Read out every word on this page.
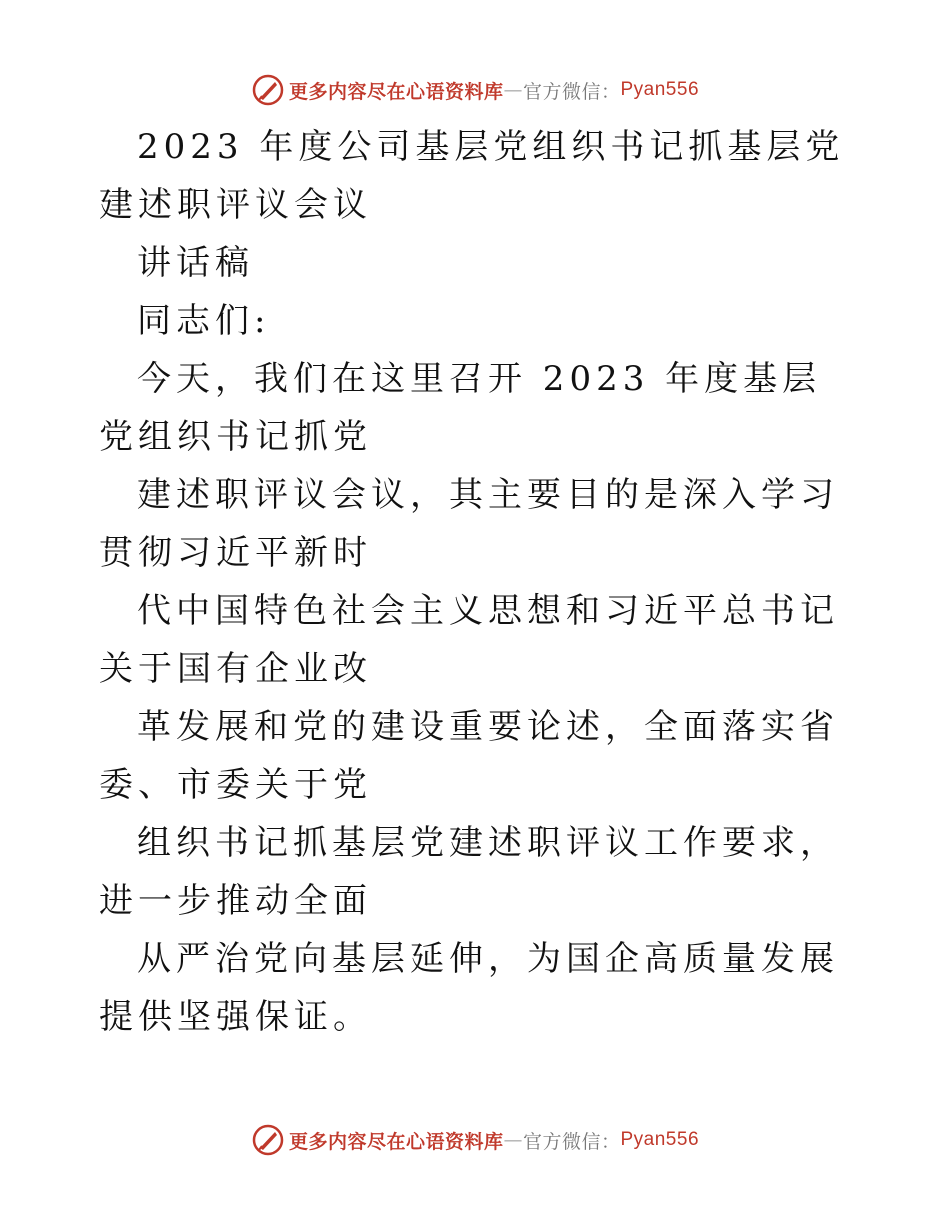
更多内容尽在心语资料库 — 官方微信： Pyan556

2023 年度公司基层党组织书记抓基层党建述职评议会议

讲话稿

同志们:

今天，我们在这里召开 2023 年度基层党组织书记抓党

建述职评议会议，其主要目的是深入学习贯彻习近平新时

代中国特色社会主义思想和习近平总书记关于国有企业改

革发展和党的建设重要论述，全面落实省委、市委关于党

组织书记抓基层党建述职评议工作要求，进一步推动全面

从严治党向基层延伸，为国企高质量发展提供坚强保证。

更多内容尽在心语资料库 — 官方微信： Pyan556
